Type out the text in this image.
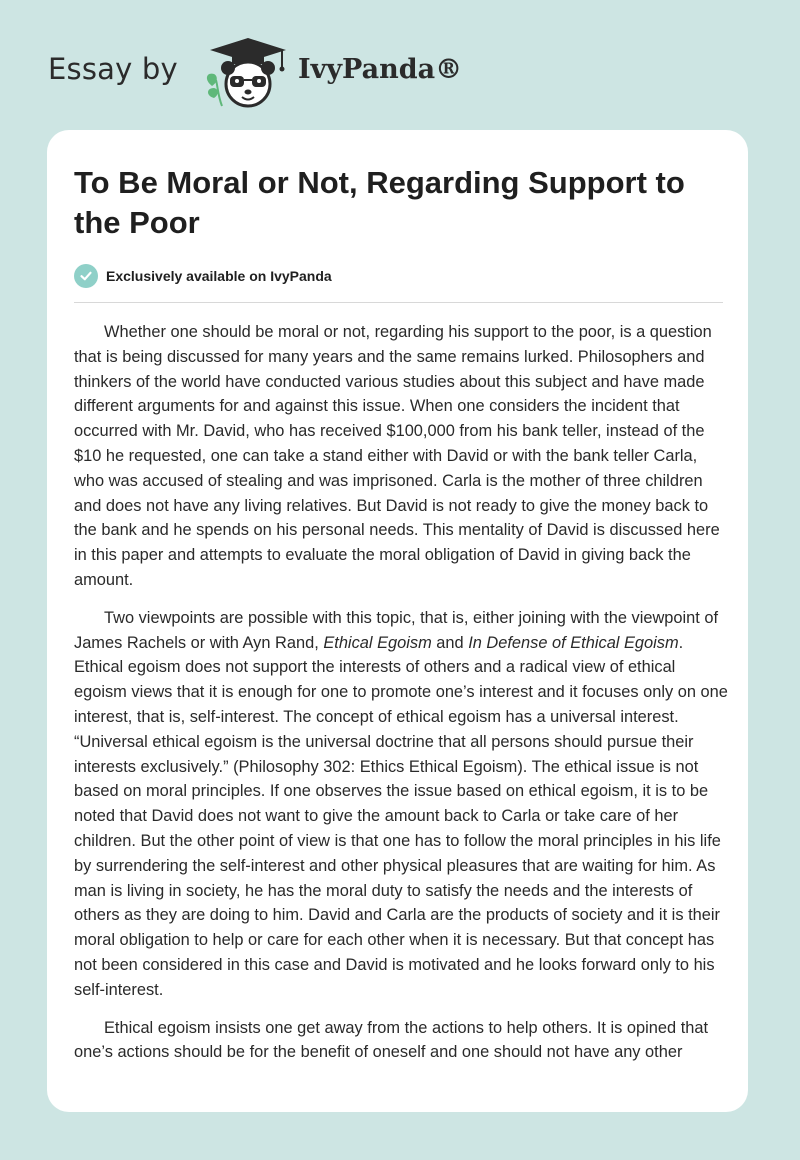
Essay by	IvyPanda®
To Be Moral or Not, Regarding Support to the Poor
Exclusively available on IvyPanda

Whether one should be moral or not, regarding his support to the poor, is a question that is being discussed for many years and the same remains lurked. Philosophers and thinkers of the world have conducted various studies about this subject and have made different arguments for and against this issue. When one considers the incident that occurred with Mr. David, who has received $100,000 from his bank teller, instead of the $10 he requested, one can take a stand either with David or with the bank teller Carla, who was accused of stealing and was imprisoned. Carla is the mother of three children and does not have any living relatives. But David is not ready to give the money back to the bank and he spends on his personal needs. This mentality of David is discussed here in this paper and attempts to evaluate the moral obligation of David in giving back the amount.

Two viewpoints are possible with this topic, that is, either joining with the viewpoint of James Rachels or with Ayn Rand, Ethical Egoism and In Defense of Ethical Egoism. Ethical egoism does not support the interests of others and a radical view of ethical egoism views that it is enough for one to promote one’s interest and it focuses only on one interest, that is, self-interest. The concept of ethical egoism has a universal interest. “Universal ethical egoism is the universal doctrine that all persons should pursue their interests exclusively.” (Philosophy 302: Ethics Ethical Egoism). The ethical issue is not based on moral principles. If one observes the issue based on ethical egoism, it is to be noted that David does not want to give the amount back to Carla or take care of her children. But the other point of view is that one has to follow the moral principles in his life by surrendering the self-interest and other physical pleasures that are waiting for him. As man is living in society, he has the moral duty to satisfy the needs and the interests of others as they are doing to him. David and Carla are the products of society and it is their moral obligation to help or care for each other when it is necessary. But that concept has not been considered in this case and David is motivated and he looks forward only to his self-interest.

Ethical egoism insists one get away from the actions to help others. It is opined that one’s actions should be for the benefit of oneself and one should not have any other
